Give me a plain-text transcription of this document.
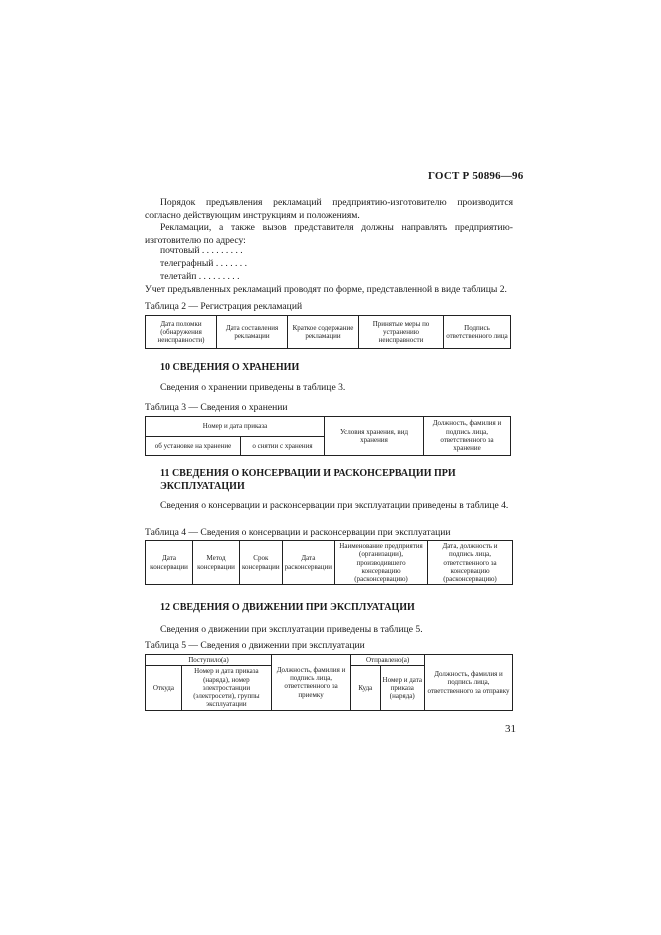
ГОСТ Р 50896—96
Порядок предъявления рекламаций предприятию-изготовителю производится согласно действующим инструкциям и положениям.
Рекламации, а также вызов представителя должны направлять предприятию-изготовителю по адресу:
почтовый . . . . . . . . .
телеграфный . . . . . . .
телетайп . . . . . . . . .
Учет предъявленных рекламаций проводят по форме, представленной в виде таблицы 2.
Таблица 2 — Регистрация рекламаций
Дата поломки (обнаружения неисправности)	Дата составления рекламации	Краткое содержание рекламации	Принятые меры по устранению неисправности	Подпись ответственного лица
10 СВЕДЕНИЯ О ХРАНЕНИИ
Сведения о хранении приведены в таблице 3.
Таблица 3 — Сведения о хранении
Номер и дата приказа		Условия хранения, вид хранения	Должность, фамилия и подпись лица, ответственного за хранение
об установке на хранение	о снятии с хранения		
11 СВЕДЕНИЯ О КОНСЕРВАЦИИ И РАСКОНСЕРВАЦИИ ПРИ ЭКСПЛУАТАЦИИ
Сведения о консервации и расконсервации при эксплуатации приведены в таблице 4.
Таблица 4 — Сведения о консервации и расконсервации при эксплуатации
Дата консервации	Метод консервации	Срок консервации	Дата расконсервации	Наименование предприятия (организации), производившего консервацию (расконсервацию)	Дата, должность и подпись лица, ответственного за консервацию (расконсервацию)
12 СВЕДЕНИЯ О ДВИЖЕНИИ ПРИ ЭКСПЛУАТАЦИИ
Сведения о движении при эксплуатации приведены в таблице 5.
Таблица 5 — Сведения о движении при эксплуатации
Поступило(а)		Должность, фамилия и подпись лица, ответственного за приемку	Отправлено(а)		Должность, фамилия и подпись лица, ответственного за отправку
Откуда	Номер и дата приказа (наряда), номер электростанции (электросети), группы эксплуатации		Куда	Номер и дата приказа (наряда)	
31
